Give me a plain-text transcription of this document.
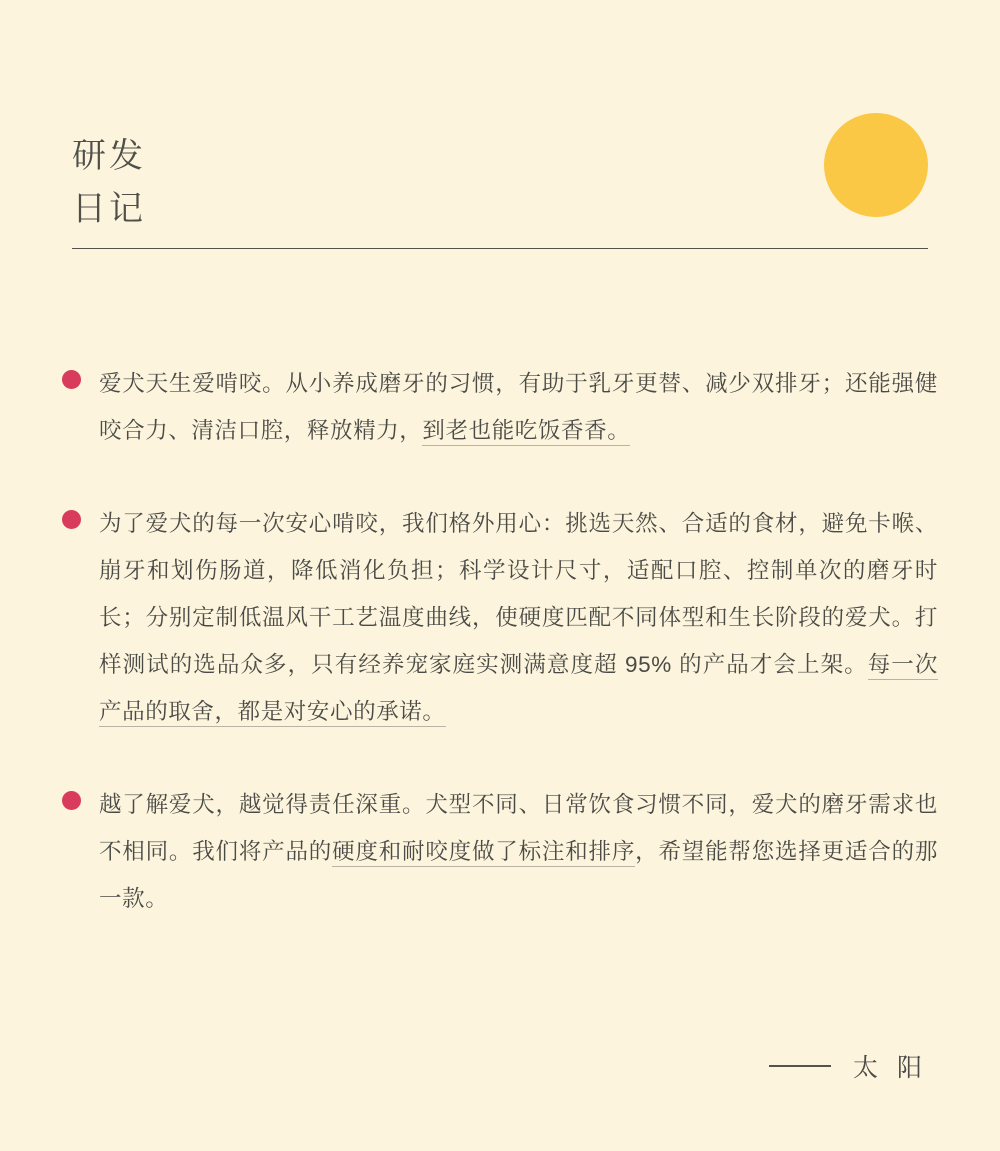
研发
日记
爱犬天生爱啃咬。从小养成磨牙的习惯，有助于乳牙更替、减少双排牙；还能强健咬合力、清洁口腔，释放精力，到老也能吃饭香香。
为了爱犬的每一次安心啃咬，我们格外用心：挑选天然、合适的食材，避免卡喉、崩牙和划伤肠道，降低消化负担；科学设计尺寸，适配口腔、控制单次的磨牙时长；分别定制低温风干工艺温度曲线，使硬度匹配不同体型和生长阶段的爱犬。打样测试的选品众多，只有经养宠家庭实测满意度超 95% 的产品才会上架。每一次产品的取舍，都是对安心的承诺。
越了解爱犬，越觉得责任深重。犬型不同、日常饮食习惯不同，爱犬的磨牙需求也不相同。我们将产品的硬度和耐咬度做了标注和排序，希望能帮您选择更适合的那一款。
太 阳
